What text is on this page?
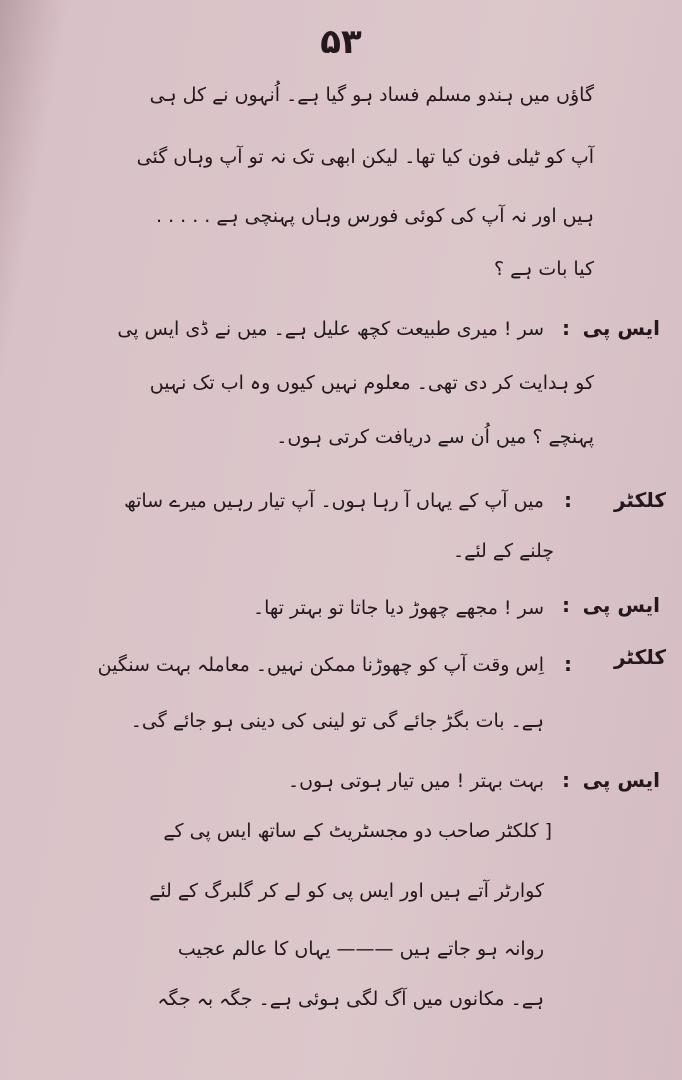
۵۳
گاؤں میں ہندو مسلم فساد ہو گیا ہے۔ اُنہوں نے کل ہی
آپ کو ٹیلی فون کیا تھا۔ لیکن ابھی تک نہ تو آپ وہاں گئی
ہیں اور نہ آپ کی کوئی فورس وہاں پہنچی ہے . . . . .
کیا بات ہے ؟
ایس پی
:
سر ! میری طبیعت کچھ علیل ہے۔ میں نے ڈی ایس پی
کو ہدایت کر دی تھی۔ معلوم نہیں کیوں وہ اب تک نہیں
پہنچے ؟ میں اُن سے دریافت کرتی ہوں۔
کلکٹر
:
میں آپ کے یہاں آ رہا ہوں۔ آپ تیار رہیں میرے ساتھ
چلنے کے لئے۔
ایس پی
:
سر ! مجھے چھوڑ دیا جاتا تو بہتر تھا۔
کلکٹر
:
اِس وقت آپ کو چھوڑنا ممکن نہیں۔ معاملہ بہت سنگین
ہے۔ بات بگڑ جائے گی تو لینی کی دینی ہو جائے گی۔
ایس پی
:
بہت بہتر ! میں تیار ہوتی ہوں۔
[ کلکٹر صاحب دو مجسٹریٹ کے ساتھ ایس پی کے
کوارٹر آتے ہیں اور ایس پی کو لے کر گلبرگ کے لئے
روانہ ہو جاتے ہیں ——— یہاں کا عالم عجیب
ہے۔ مکانوں میں آگ لگی ہوئی ہے۔ جگہ بہ جگہ
